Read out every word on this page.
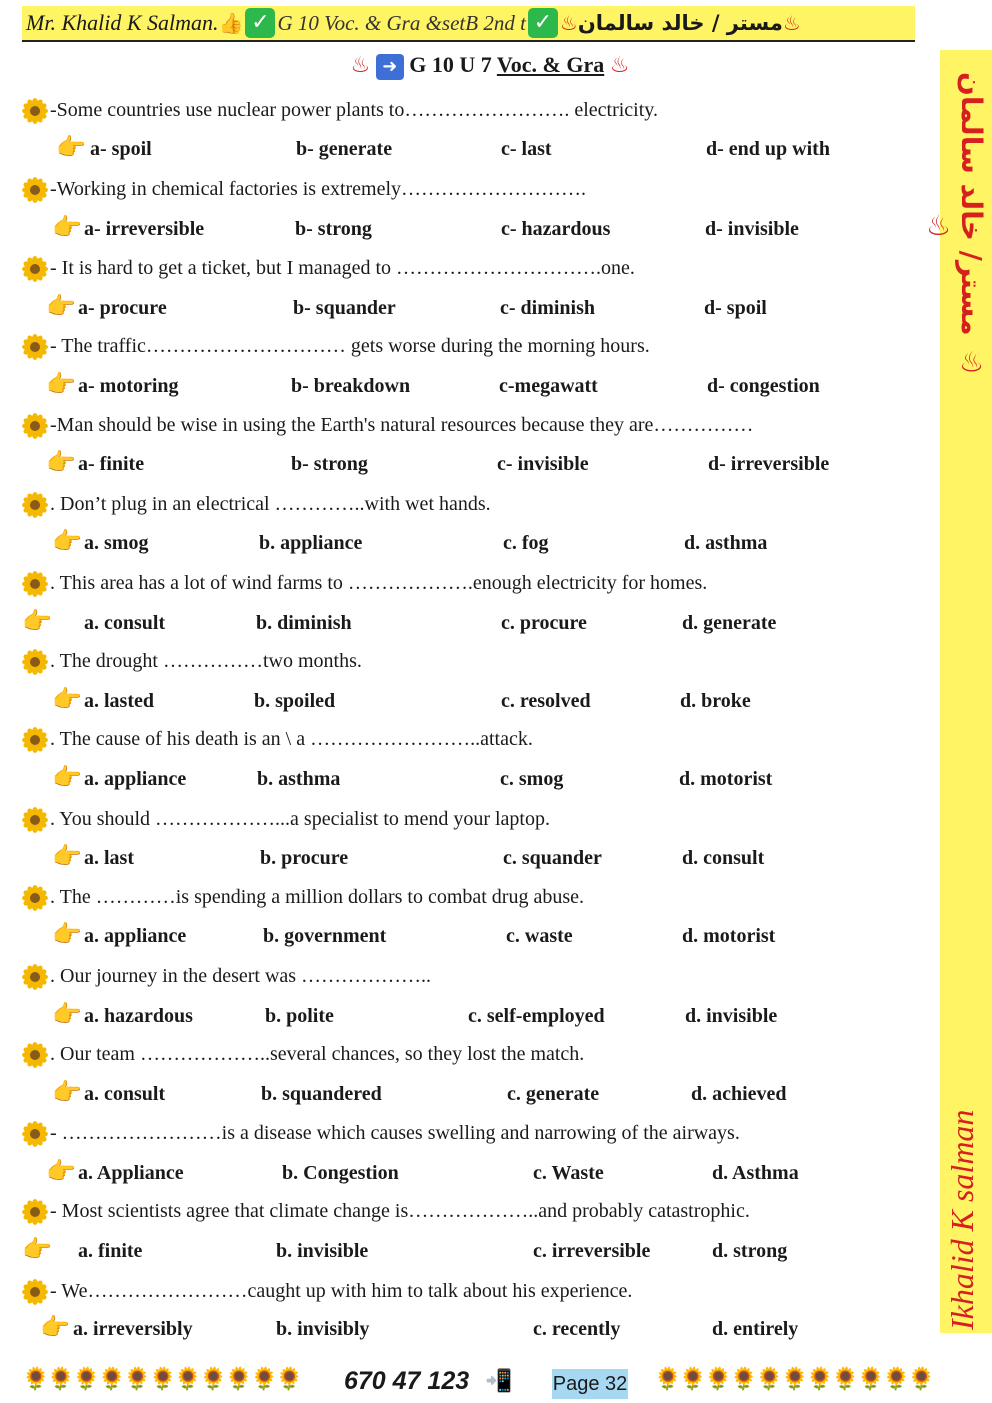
Mr. Khalid K Salman. 👍 ✓ G 10 Voc. & Gra &setB 2nd t ✓ ♨ مستر / خالد سالمان ♨
♨ مستر/ خالد سالمان ♨
Ikhalid K salman
♨ ➜ G 10 U 7 Voc. & Gra ♨
-Some countries use nuclear power plants to……………………. electricity.
👉 a- spoil	b- generate	c- last	d- end up with
-Working in chemical factories is extremely……………………….
👉 a- irreversible	b- strong	c- hazardous	d- invisible
- It is hard to get a ticket, but I managed to ………………………….one.
👉 a- procure	b- squander	c- diminish	d- spoil
- The traffic………………………… gets worse during the morning hours.
👉 a- motoring	b- breakdown	c-megawatt	d- congestion
-Man should be wise in using the Earth's natural resources because they are……………
👉 a- finite	b- strong	c- invisible	d- irreversible
. Don’t plug in an electrical …………..with wet hands.
👉 a. smog	b. appliance	c. fog	d. asthma
. This area has a lot of wind farms to ……………….enough electricity for homes.
👉 a. consult	b. diminish	c. procure	d. generate
. The drought ……………two months.
👉 a. lasted	b. spoiled	c. resolved	d. broke
. The cause of his death is an \ a ……………………..attack.
👉 a. appliance	b. asthma	c. smog	d. motorist
. You should ………………...a specialist to mend your laptop.
👉 a. last	b. procure	c. squander	d. consult
. The …………is spending a million dollars to combat drug abuse.
👉 a. appliance	b. government	c. waste	d. motorist
. Our journey in the desert was ………………..
👉 a. hazardous	b. polite	c. self-employed	d. invisible
. Our team ………………..several chances, so they lost the match.
👉 a. consult	b. squandered	c. generate	d. achieved
- ……………………is a disease which causes swelling and narrowing of the airways.
👉 a. Appliance	b. Congestion	c. Waste	d. Asthma
- Most scientists agree that climate change is………………..and probably catastrophic.
👉 a. finite	b. invisible	c. irreversible	d. strong
- We……………………caught up with him to talk about his experience.
👉 a. irreversibly	b. invisibly	c. recently	d. entirely
🌻🌻🌻🌻🌻🌻🌻🌻🌻🌻🌻 670 47 123 📲 Page 32 🌻🌻🌻🌻🌻🌻🌻🌻🌻🌻🌻
